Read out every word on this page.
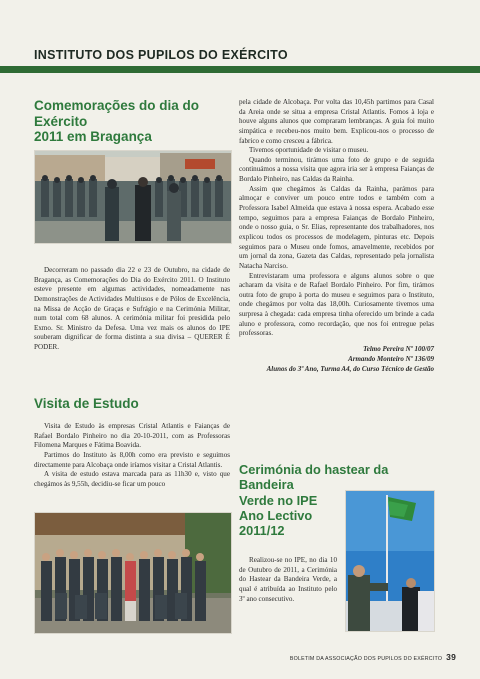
INSTITUTO DOS PUPILOS DO EXÉRCITO
Comemorações do dia do Exército
2011 em Bragança

Decorreram no passado dia 22 e 23 de Outubro, na cidade de Bragança, as Comemorações do Dia do Exército 2011. O Instituto esteve presente em algumas actividades, nomeadamente nas Demonstrações de Actividades Multiusos e de Pólos de Excelência, na Missa de Acção de Graças e Sufrágio e na Cerimónia Militar, num total com 68 alunos. A cerimónia militar foi presidida pelo Exmo. Sr. Ministro da Defesa. Uma vez mais os alunos do IPE souberam dignificar de forma distinta a sua divisa – QUERER É PODER.

Visita de Estudo

Visita de Estudo às empresas Cristal Atlantis e Faianças de Rafael Bordalo Pinheiro no dia 20-10-2011, com as Professoras Filomena Marques e Fátima Boavida.

Partimos do Instituto às 8,00h como era previsto e seguimos directamente para Alcobaça onde iríamos visitar a Cristal Atlantis.

A visita de estudo estava marcada para as 11h30 e, visto que chegámos às 9,55h, decidiu-se ficar um pouco

pela cidade de Alcobaça. Por volta das 10,45h partimos para Casal da Areia onde se situa a empresa Cristal Atlantis. Fomos à loja e houve alguns alunos que compraram lembranças. A guia foi muito simpática e recebeu-nos muito bem. Explicou-nos o processo de fabrico e como cresceu a fábrica.

Tivemos oportunidade de visitar o museu.

Quando terminou, tirámos uma foto de grupo e de seguida continuámos a nossa visita que agora iria ser à empresa Faianças de Bordalo Pinheiro, nas Caldas da Rainha.

Assim que chegámos às Caldas da Rainha, parámos para almoçar e conviver um pouco entre todos e também com a Professora Isabel Almeida que estava à nossa espera. Acabado esse tempo, seguimos para a empresa Faianças de Bordalo Pinheiro, onde o nosso guia, o Sr. Elias, representante dos trabalhadores, nos explicou todos os processos de modelagem, pinturas etc. Depois seguimos para o Museu onde fomos, amavelmente, recebidos por um jornal da zona, Gazeta das Caldas, representado pela jornalista Natacha Narciso.

Entrevistaram uma professora e alguns alunos sobre o que acharam da visita e de Rafael Bordalo Pinheiro. Por fim, tirámos outra foto de grupo à porta do museu e seguimos para o Instituto, onde chegámos por volta das 18,00h. Curiosamente tivemos uma surpresa à chegada: cada empresa tinha oferecido um brinde a cada aluno e professora, como recordação, que nos foi entregue pelas professoras.

Telmo Pereira Nº 100/07
Armando Monteiro Nº 136/09
Alunos do 3º Ano, Turma A4, do Curso Técnico de Gestão
Cerimónia do hastear da Bandeira
Verde no IPE
Ano Lectivo
2011/12

Realizou-se no IPE, no dia 10 de Outubro de 2011, a Cerimónia do Hastear da Bandeira Verde, a qual é atribuída ao Instituto pelo 3º ano consecutivo.

BOLETIM DA ASSOCIAÇÃO DOS PUPILOS DO EXÉRCITO 39
